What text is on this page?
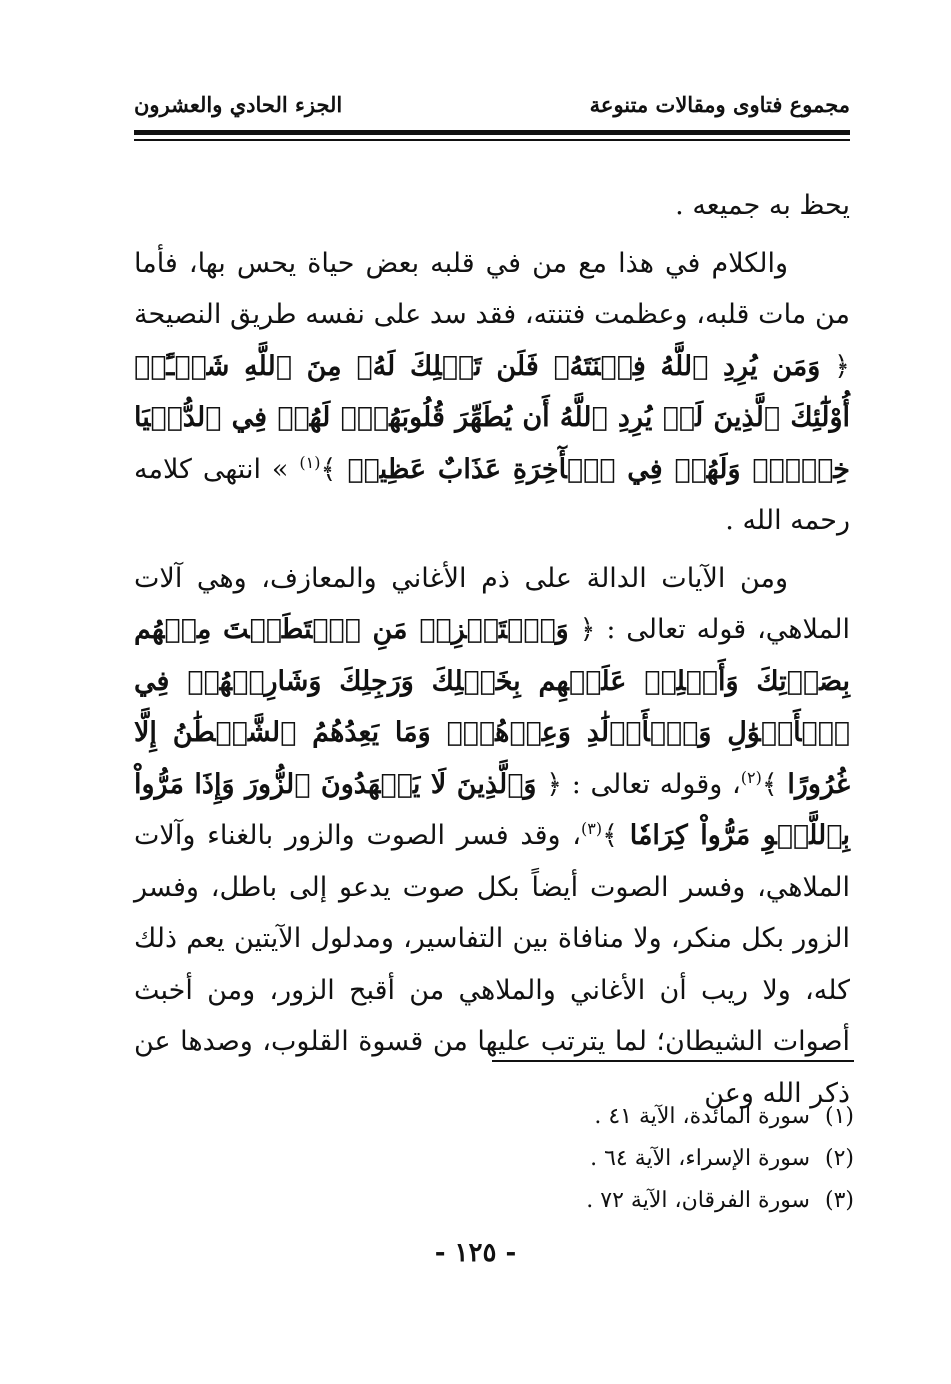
مجموع فتاوى ومقالات متنوعة
الجزء الحادي والعشرون

يحظ به جميعه .

والكلام في هذا مع من في قلبه بعض حياة يحس بها، فأما من مات قلبه، وعظمت فتنته، فقد سد على نفسه طريق النصيحة ﴿ وَمَن يُرِدِ ٱللَّهُ فِتۡنَتَهُۥ فَلَن تَمۡلِكَ لَهُۥ مِنَ ٱللَّهِ شَيۡـًٔاۚ أُوْلَٰٓئِكَ ٱلَّذِينَ لَمۡ يُرِدِ ٱللَّهُ أَن يُطَهِّرَ قُلُوبَهُمۡۚ لَهُمۡ فِي ٱلدُّنۡيَا خِزۡيٞۖ وَلَهُمۡ فِي ٱلۡأٓخِرَةِ عَذَابٌ عَظِيمٞ ﴾$^{(١)}$ » انتهى كلامه رحمه الله .

ومن الآيات الدالة على ذم الأغاني والمعازف، وهي آلات الملاهي، قوله تعالى : ﴿ وَٱسۡتَفۡزِزۡ مَنِ ٱسۡتَطَعۡتَ مِنۡهُم بِصَوۡتِكَ وَأَجۡلِبۡ عَلَيۡهِم بِخَيۡلِكَ وَرَجِلِكَ وَشَارِكۡهُمۡ فِي ٱلۡأَمۡوَٰلِ وَٱلۡأَوۡلَٰدِ وَعِدۡهُمۡۚ وَمَا يَعِدُهُمُ ٱلشَّيۡطَٰنُ إِلَّا غُرُورًا ﴾$^{(٢)}$، وقوله تعالى : ﴿ وَٱلَّذِينَ لَا يَشۡهَدُونَ ٱلزُّورَ وَإِذَا مَرُّواْ بِٱللَّغۡوِ مَرُّواْ كِرَامٗا ﴾$^{(٣)}$، وقد فسر الصوت والزور بالغناء وآلات الملاهي، وفسر الصوت أيضاً بكل صوت يدعو إلى باطل، وفسر الزور بكل منكر، ولا منافاة بين التفاسير، ومدلول الآيتين يعم ذلك كله، ولا ريب أن الأغاني والملاهي من أقبح الزور، ومن أخبث أصوات الشيطان؛ لما يترتب عليها من قسوة القلوب، وصدها عن ذكر الله وعن

(١)سورة المائدة، الآية ٤١ .
(٢)سورة الإسراء، الآية ٦٤ .
(٣)سورة الفرقان، الآية ٧٢ .
- ١٢٥ -
